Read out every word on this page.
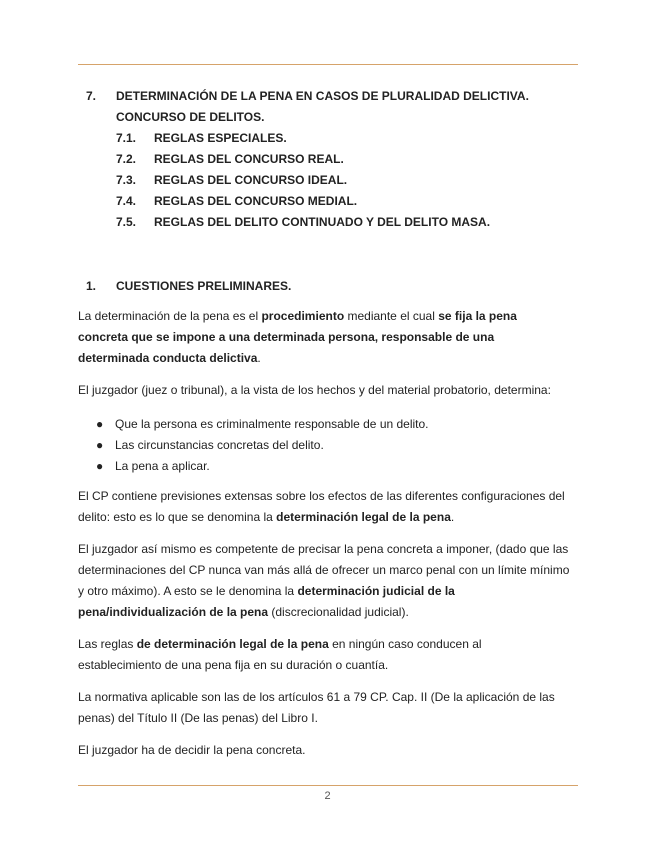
7. DETERMINACIÓN DE LA PENA EN CASOS DE PLURALIDAD DELICTIVA.
CONCURSO DE DELITOS.
7.1. REGLAS ESPECIALES.
7.2. REGLAS DEL CONCURSO REAL.
7.3. REGLAS DEL CONCURSO IDEAL.
7.4. REGLAS DEL CONCURSO MEDIAL.
7.5. REGLAS DEL DELITO CONTINUADO Y DEL DELITO MASA.
1. CUESTIONES PRELIMINARES.
La determinación de la pena es el procedimiento mediante el cual se fija la pena concreta que se impone a una determinada persona, responsable de una determinada conducta delictiva.
El juzgador (juez o tribunal), a la vista de los hechos y del material probatorio, determina:
● Que la persona es criminalmente responsable de un delito.
● Las circunstancias concretas del delito.
● La pena a aplicar.
El CP contiene previsiones extensas sobre los efectos de las diferentes configuraciones del delito: esto es lo que se denomina la determinación legal de la pena.
El juzgador así mismo es competente de precisar la pena concreta a imponer, (dado que las determinaciones del CP nunca van más allá de ofrecer un marco penal con un límite mínimo y otro máximo). A esto se le denomina la determinación judicial de la pena/individualización de la pena (discrecionalidad judicial).
Las reglas de determinación legal de la pena en ningún caso conducen al establecimiento de una pena fija en su duración o cuantía.
La normativa aplicable son las de los artículos 61 a 79 CP. Cap. II (De la aplicación de las penas) del Título II (De las penas) del Libro I.
El juzgador ha de decidir la pena concreta.
2
